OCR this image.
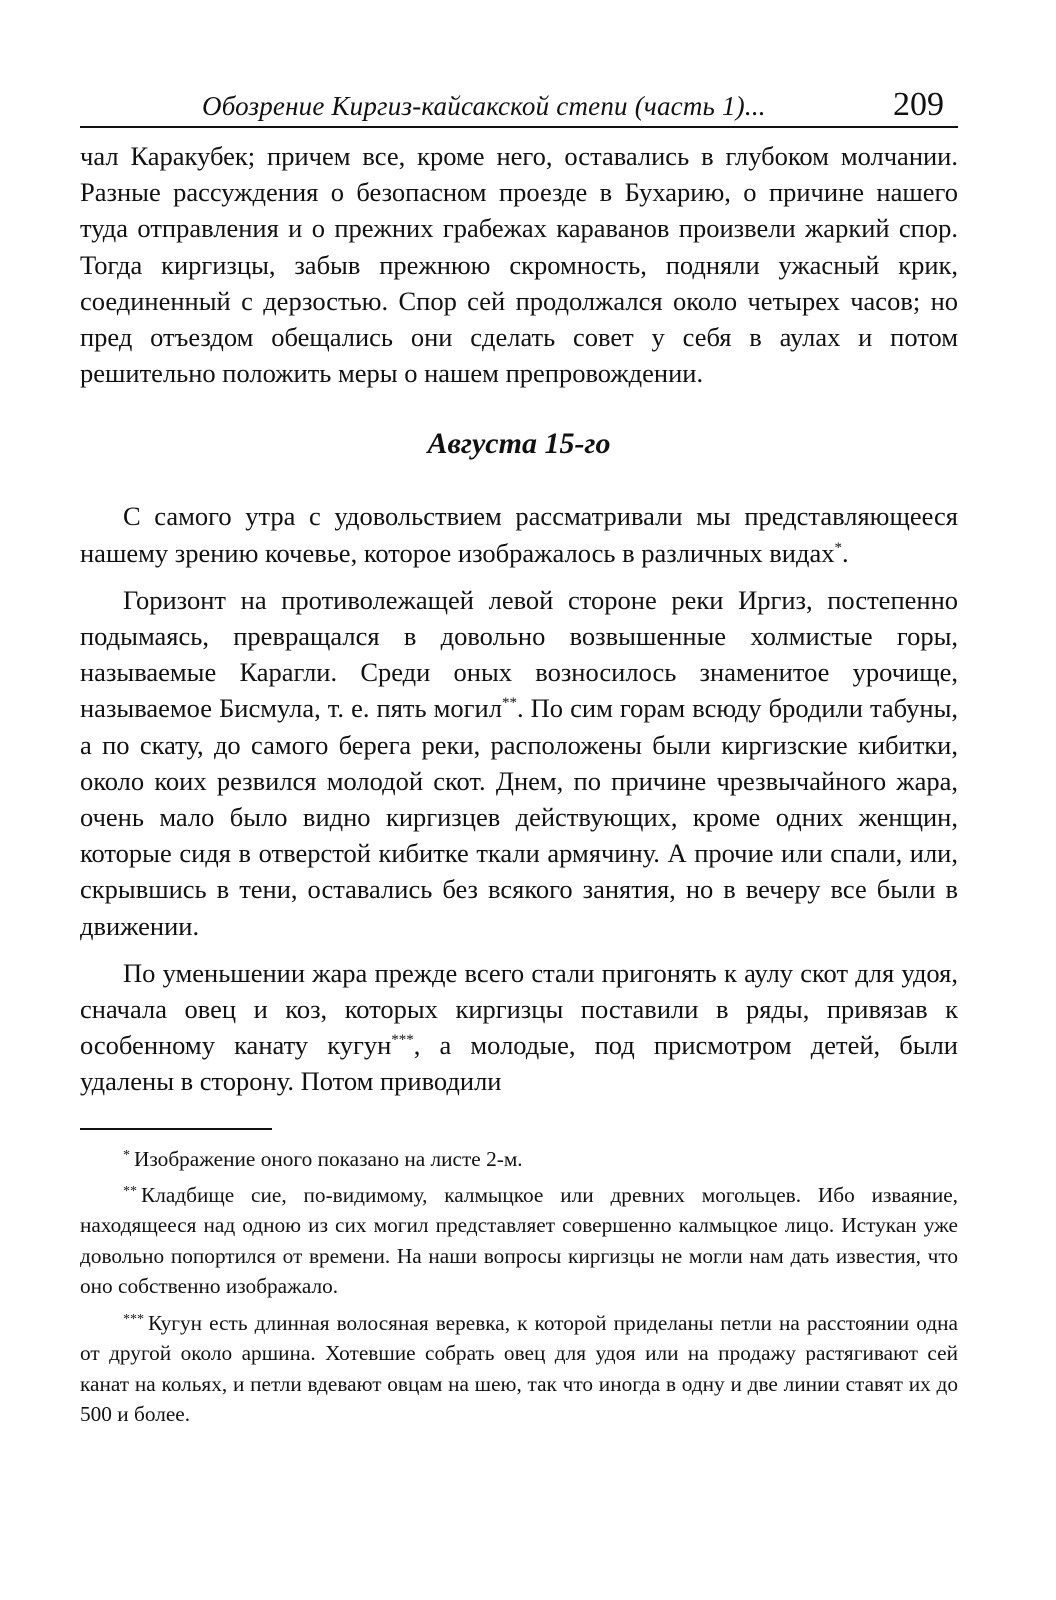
Обозрение Киргиз-кайсакской степи (часть 1)...	209

чал Каракубек; причем все, кроме него, оставались в глубоком молчании. Разные рассуждения о безопасном проезде в Бухарию, о причине нашего туда отправления и о прежних грабежах караванов произвели жаркий спор. Тогда киргизцы, забыв прежнюю скромность, подняли ужасный крик, соединенный с дерзостью. Спор сей продолжался около четырех часов; но пред отъездом обещались они сделать совет у себя в аулах и потом решительно положить меры о нашем препровождении.

Августа 15-го

С самого утра с удовольствием рассматривали мы представляющееся нашему зрению кочевье, которое изображалось в различных видах*.

Горизонт на противолежащей левой стороне реки Иргиз, постепенно подымаясь, превращался в довольно возвышенные холмистые горы, называемые Карагли. Среди оных возносилось знаменитое урочище, называемое Бисмула, т. е. пять могил**. По сим горам всюду бродили табуны, а по скату, до самого берега реки, расположены были киргизские кибитки, около коих резвился молодой скот. Днем, по причине чрезвычайного жара, очень мало было видно киргизцев действующих, кроме одних женщин, которые сидя в отверстой кибитке ткали армячину. А прочие или спали, или, скрывшись в тени, оставались без всякого занятия, но в вечеру все были в движении.

По уменьшении жара прежде всего стали пригонять к аулу скот для удоя, сначала овец и коз, которых киргизцы поставили в ряды, привязав к особенному канату кугун***, а молодые, под присмотром детей, были удалены в сторону. Потом приводили

* Изображение оного показано на листе 2-м.

** Кладбище сие, по-видимому, калмыцкое или древних могольцев. Ибо изваяние, находящееся над одною из сих могил представляет совершенно калмыцкое лицо. Истукан уже довольно попортился от времени. На наши вопросы киргизцы не могли нам дать известия, что оно собственно изображало.

*** Кугун есть длинная волосяная веревка, к которой приделаны петли на расстоянии одна от другой около аршина. Хотевшие собрать овец для удоя или на продажу растягивают сей канат на кольях, и петли вдевают овцам на шею, так что иногда в одну и две линии ставят их до 500 и более.
